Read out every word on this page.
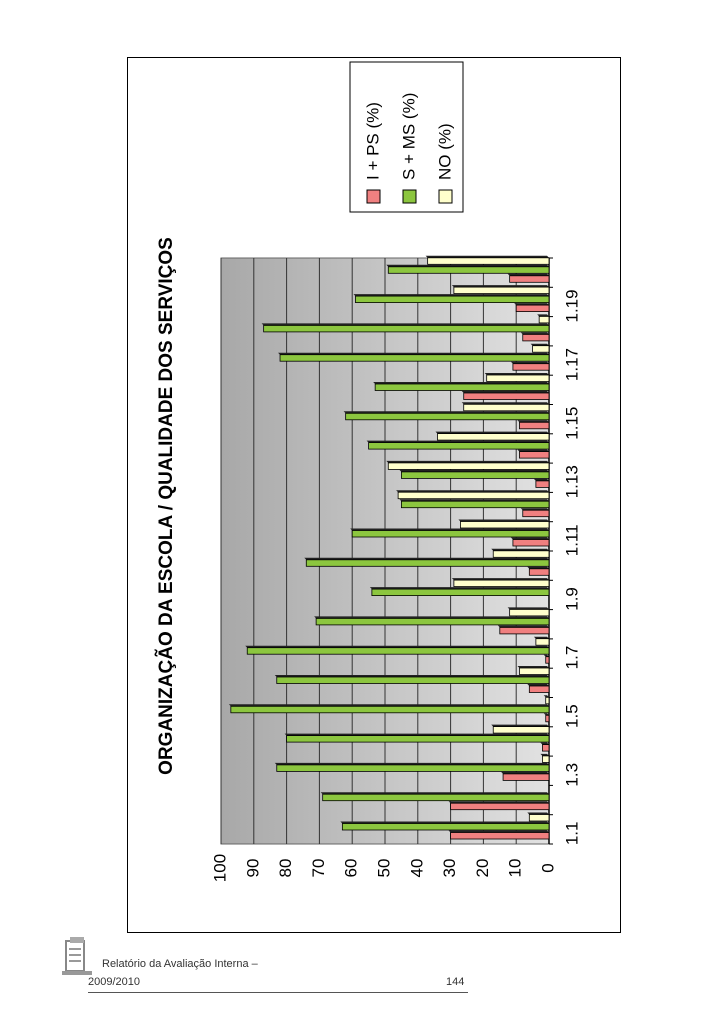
0
10
20
30
40
50
60
70
80
90
100
1.1
1.3
1.5
1.7
1.9
1.11
1.13
1.15
1.17
1.19
I + PS (%) S + MS (%) NO (%)
ORGANIZAÇÃO DA ESCOLA / QUALIDADE DOS SERVIÇOS
Relatório da Avaliação Interna –
2009/2010	144
